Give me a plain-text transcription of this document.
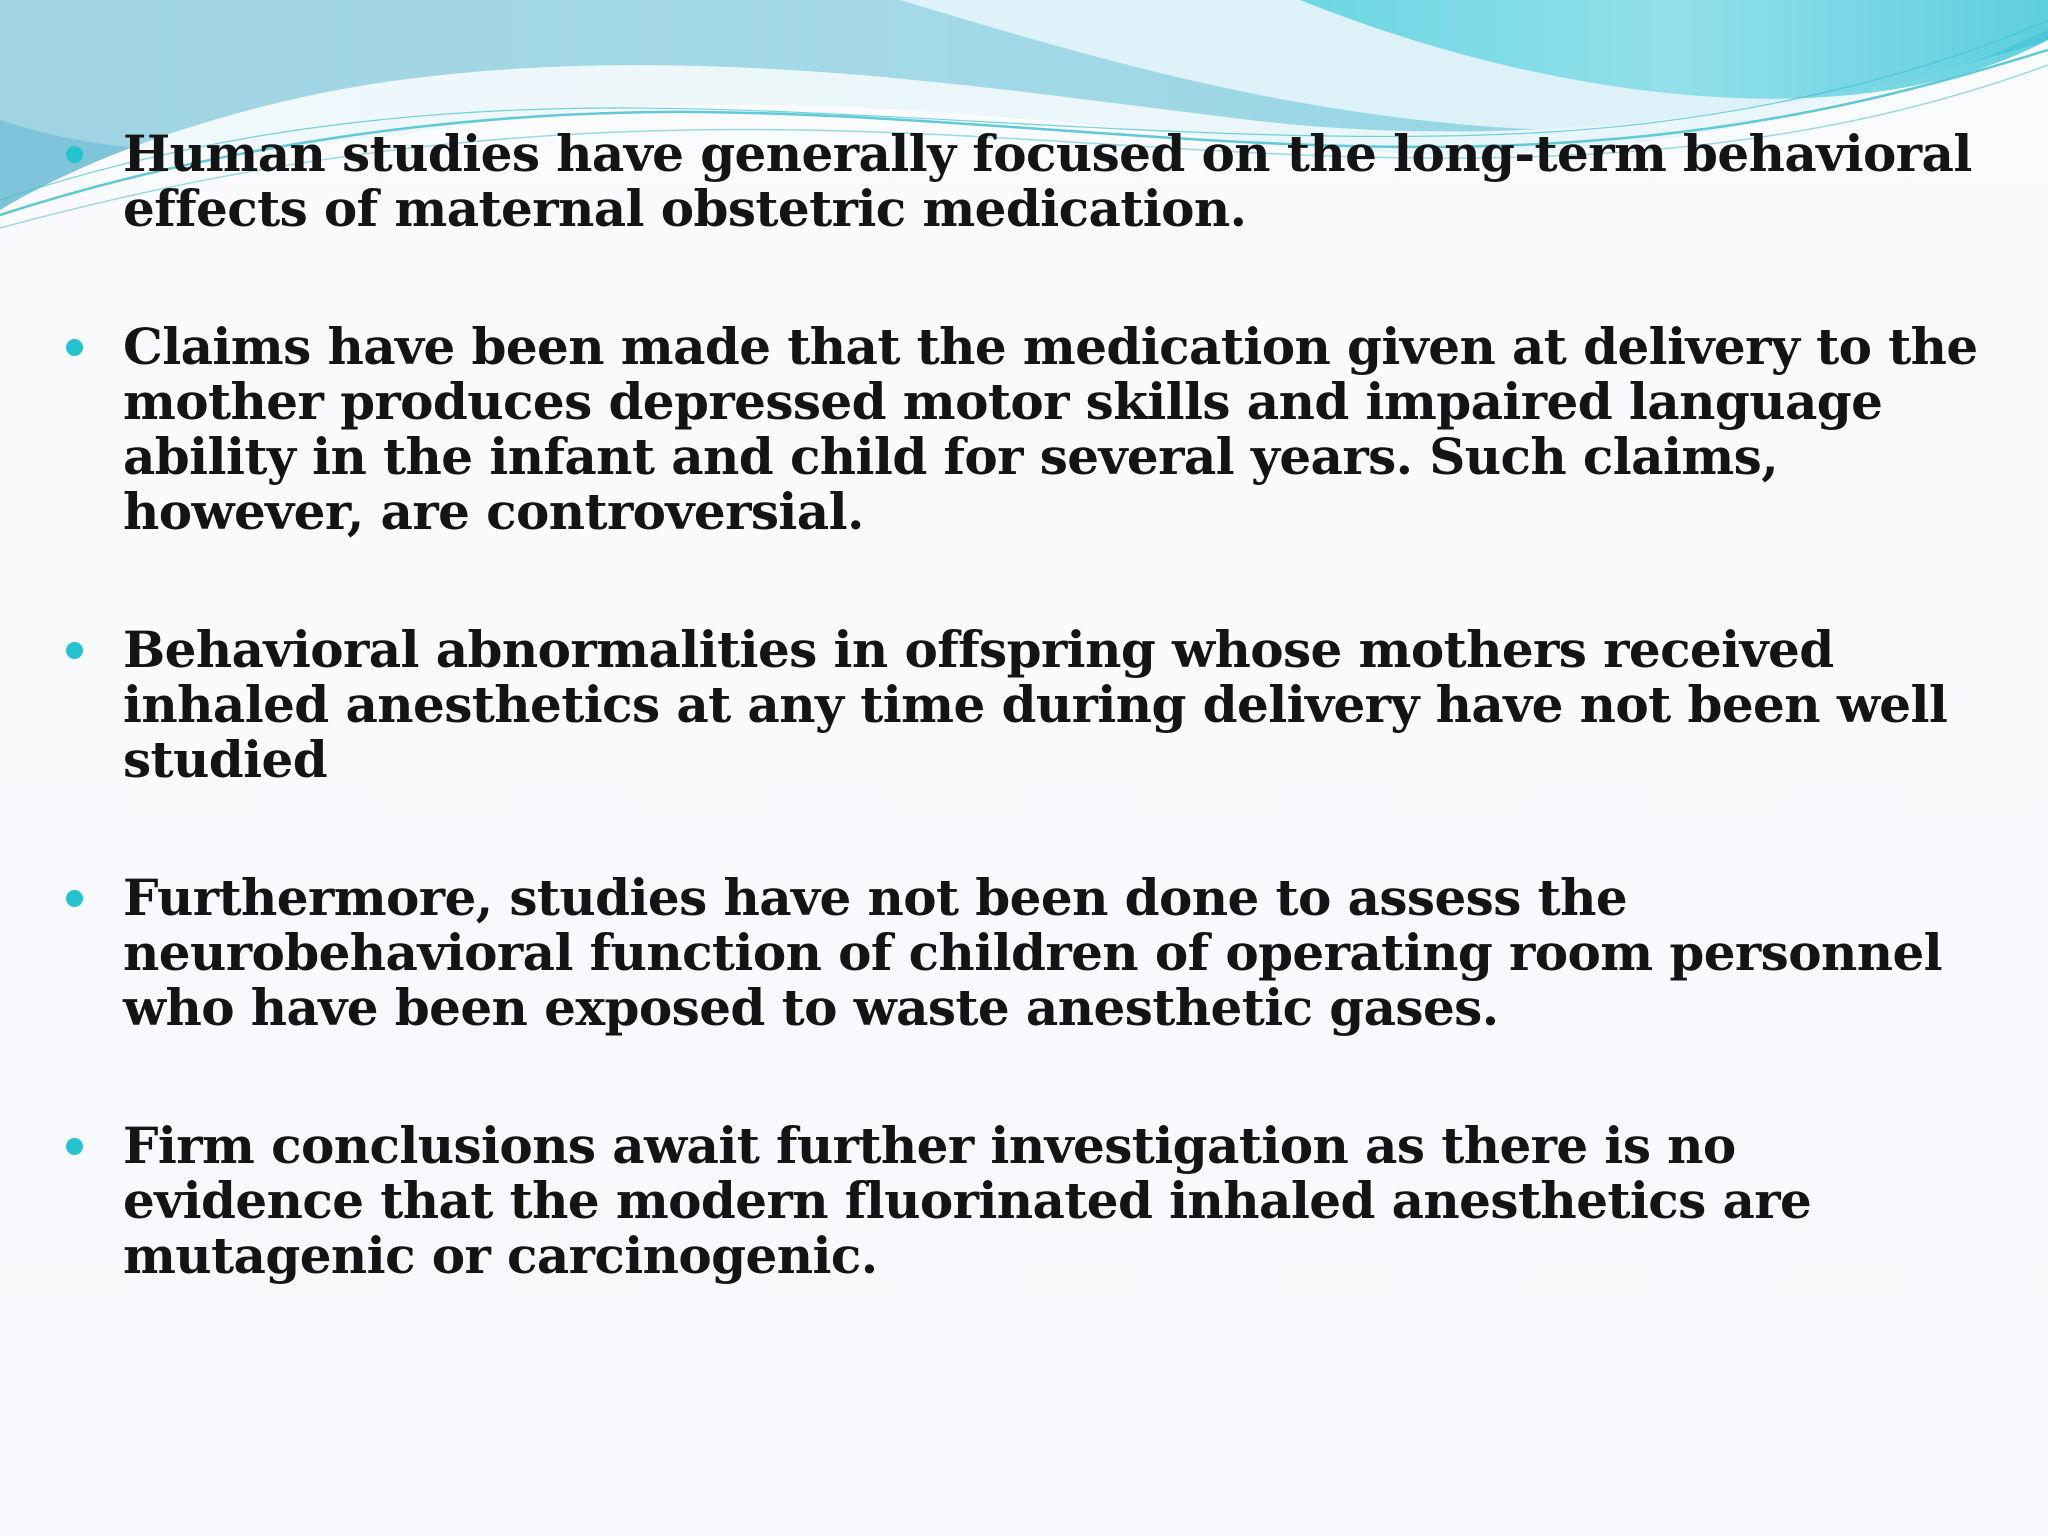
Human studies have generally focused on the long-term behavioral effects of maternal obstetric medication.
Claims have been made that the medication given at delivery to the mother produces depressed motor skills and impaired language ability in the infant and child for several years. Such claims, however, are controversial.
Behavioral abnormalities in offspring whose mothers received inhaled anesthetics at any time during delivery have not been well studied
Furthermore, studies have not been done to assess the neurobehavioral function of children of operating room personnel who have been exposed to waste anesthetic gases.
Firm conclusions await further investigation as there is no evidence that the modern fluorinated inhaled anesthetics are mutagenic or carcinogenic.
